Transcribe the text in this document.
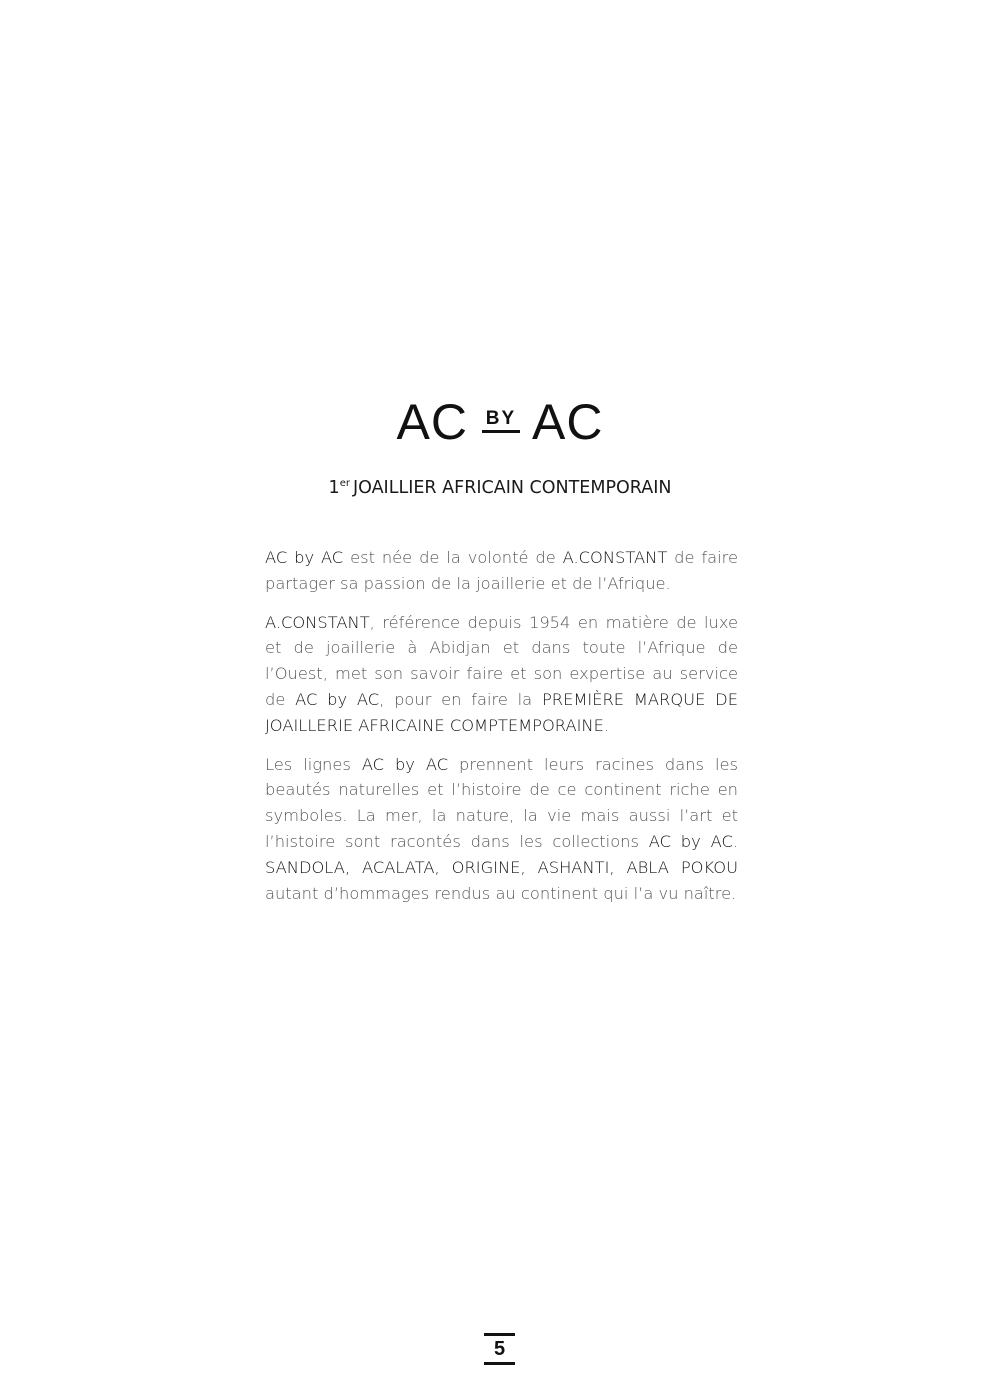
AC BY AC
1er JOAILLIER AFRICAIN CONTEMPORAIN

AC by AC est née de la volonté de A.CONSTANT de faire partager sa passion de la joaillerie et de l’Afrique.

A.CONSTANT, référence depuis 1954 en matière de luxe et de joaillerie à Abidjan et dans toute l’Afrique de l’Ouest, met son savoir faire et son expertise au service de AC by AC, pour en faire la PREMIÈRE MARQUE DE JOAILLERIE AFRICAINE COMPTEMPORAINE.

Les lignes AC by AC prennent leurs racines dans les beautés naturelles et l’histoire de ce continent riche en symboles. La mer, la nature, la vie mais aussi l’art et l’histoire sont racontés dans les collections AC by AC. SANDOLA, ACALATA, ORIGINE, ASHANTI, ABLA POKOU autant d’hommages rendus au continent qui l’a vu naître.

5
